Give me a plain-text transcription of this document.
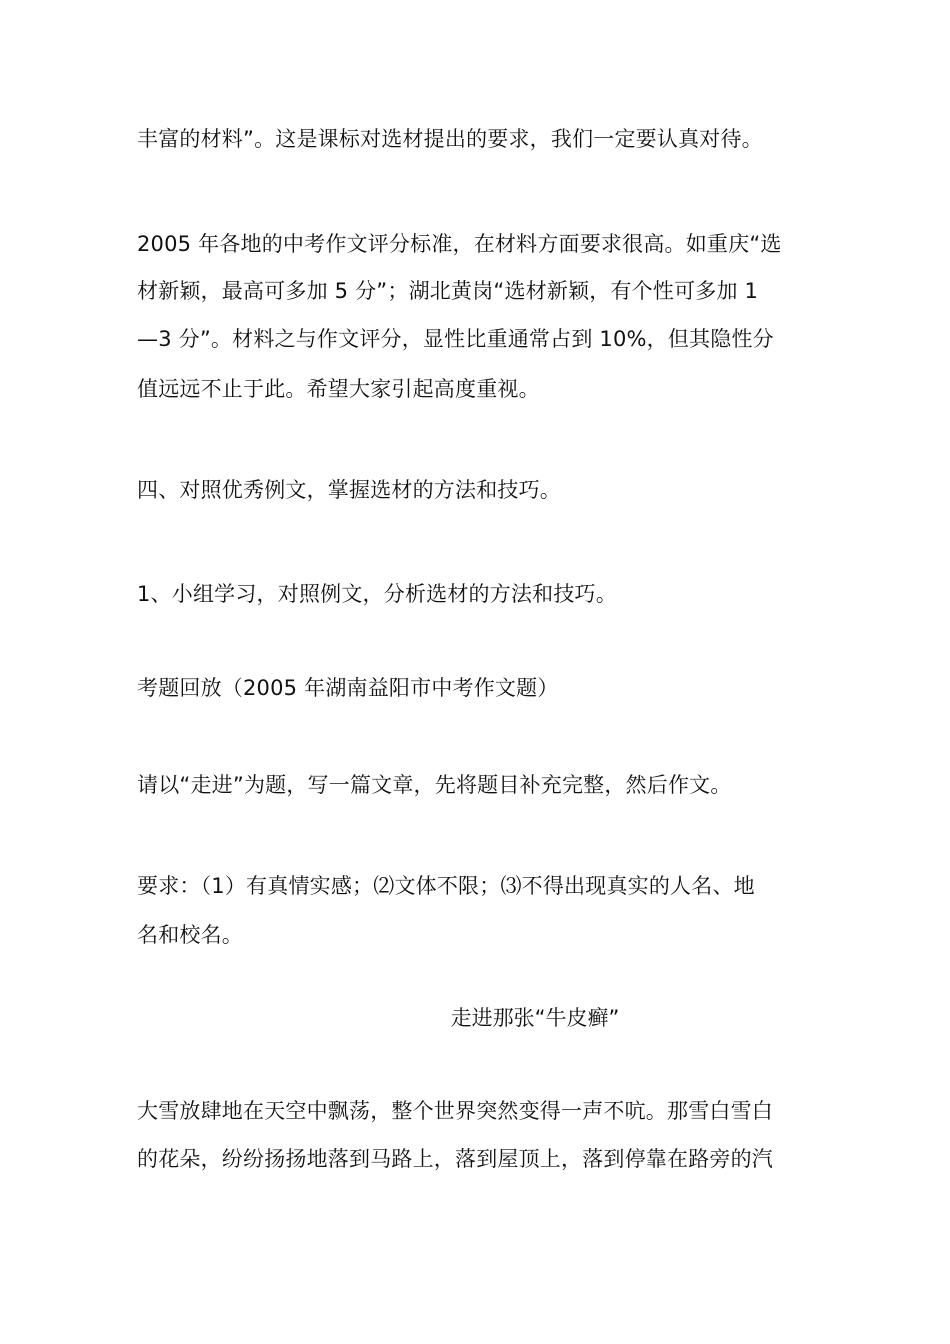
丰富的材料”。这是课标对选材提出的要求，我们一定要认真对待。
2005 年各地的中考作文评分标准，在材料方面要求很高。如重庆“选
材新颖，最高可多加 5 分”；湖北黄岗“选材新颖，有个性可多加 1
—3 分”。材料之与作文评分，显性比重通常占到 10%，但其隐性分
值远远不止于此。希望大家引起高度重视。
四、对照优秀例文，掌握选材的方法和技巧。
1、小组学习，对照例文，分析选材的方法和技巧。
考题回放（2005 年湖南益阳市中考作文题）
请以“走进”为题，写一篇文章，先将题目补充完整，然后作文。
要求：（1）有真情实感；⑵文体不限；⑶不得出现真实的人名、地
名和校名。
走进那张“牛皮癣”
大雪放肆地在天空中飘荡，整个世界突然变得一声不吭。那雪白雪白
的花朵，纷纷扬扬地落到马路上，落到屋顶上，落到停靠在路旁的汽
